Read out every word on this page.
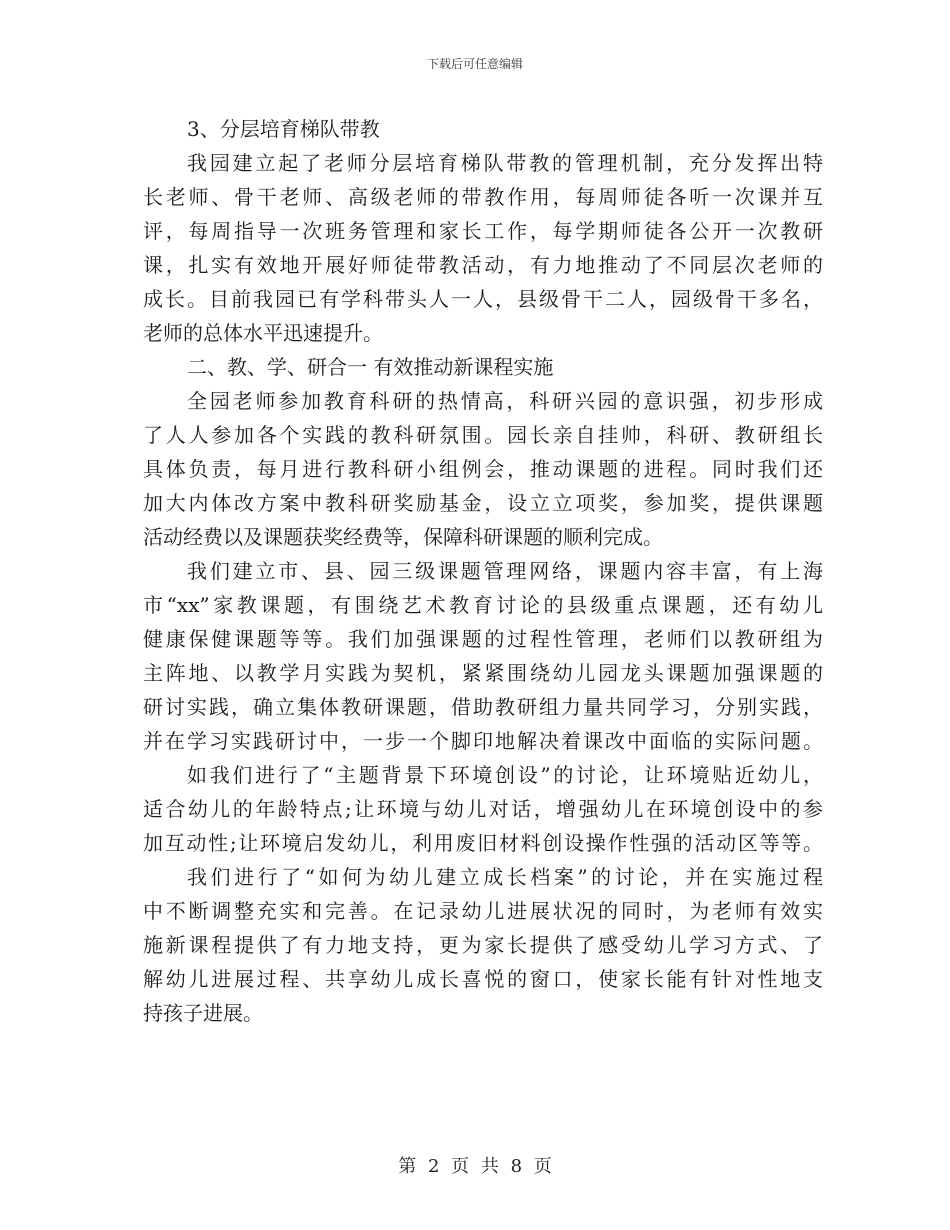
下载后可任意编辑
3、分层培育梯队带教
我园建立起了老师分层培育梯队带教的管理机制，充分发挥出特
长老师、骨干老师、高级老师的带教作用，每周师徒各听一次课并互
评，每周指导一次班务管理和家长工作，每学期师徒各公开一次教研
课，扎实有效地开展好师徒带教活动，有力地推动了不同层次老师的
成长。目前我园已有学科带头人一人，县级骨干二人，园级骨干多名，
老师的总体水平迅速提升。
二、教、学、研合一 有效推动新课程实施
全园老师参加教育科研的热情高，科研兴园的意识强，初步形成
了人人参加各个实践的教科研氛围。园长亲自挂帅，科研、教研组长
具体负责，每月进行教科研小组例会，推动课题的进程。同时我们还
加大内体改方案中教科研奖励基金，设立立项奖，参加奖，提供课题
活动经费以及课题获奖经费等，保障科研课题的顺利完成。
我们建立市、县、园三级课题管理网络，课题内容丰富，有上海
市“xx”家教课题，有围绕艺术教育讨论的县级重点课题，还有幼儿
健康保健课题等等。我们加强课题的过程性管理，老师们以教研组为
主阵地、以教学月实践为契机，紧紧围绕幼儿园龙头课题加强课题的
研讨实践，确立集体教研课题，借助教研组力量共同学习，分别实践，
并在学习实践研讨中，一步一个脚印地解决着课改中面临的实际问题。
如我们进行了“主题背景下环境创设”的讨论，让环境贴近幼儿，
适合幼儿的年龄特点;让环境与幼儿对话，增强幼儿在环境创设中的参
加互动性;让环境启发幼儿，利用废旧材料创设操作性强的活动区等等。
我们进行了“如何为幼儿建立成长档案”的讨论，并在实施过程
中不断调整充实和完善。在记录幼儿进展状况的同时，为老师有效实
施新课程提供了有力地支持，更为家长提供了感受幼儿学习方式、了
解幼儿进展过程、共享幼儿成长喜悦的窗口，使家长能有针对性地支
持孩子进展。
第 2 页 共 8 页
